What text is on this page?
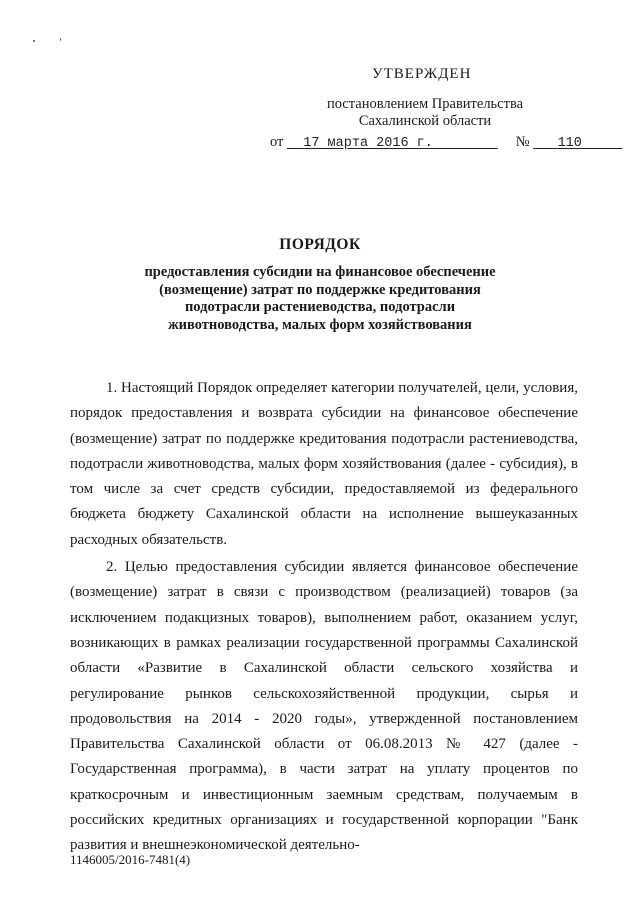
УТВЕРЖДЕН
постановлением Правительства
Сахалинской области
от 17 марта 2016 г.	№ 110
ПОРЯДОК
предоставления субсидии на финансовое обеспечение
(возмещение) затрат по поддержке кредитования
подотрасли растениеводства, подотрасли
животноводства, малых форм хозяйствования

1. Настоящий Порядок определяет категории получателей, цели, условия, порядок предоставления и возврата субсидии на финансовое обеспечение (возмещение) затрат по поддержке кредитования подотрасли растениеводства, подотрасли животноводства, малых форм хозяйствования (далее - субсидия), в том числе за счет средств субсидии, предоставляемой из федерального бюджета бюджету Сахалинской области на исполнение вышеуказанных расходных обязательств.

2. Целью предоставления субсидии является финансовое обеспечение (возмещение) затрат в связи с производством (реализацией) товаров (за исключением подакцизных товаров), выполнением работ, оказанием услуг, возникающих в рамках реализации государственной программы Сахалинской области «Развитие в Сахалинской области сельского хозяйства и регулирование рынков сельскохозяйственной продукции, сырья и продовольствия на 2014 - 2020 годы», утвержденной постановлением Правительства Сахалинской области от 06.08.2013 № 427 (далее - Государственная программа), в части затрат на уплату процентов по краткосрочным и инвестиционным заемным средствам, получаемым в российских кредитных организациях и государственной корпорации "Банк развития и внешнеэкономической деятельно-

1146005/2016-7481(4)
